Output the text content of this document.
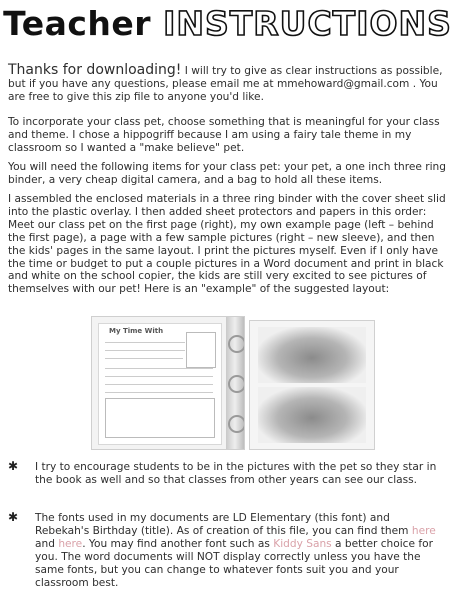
Teacher INSTRUCTIONS

Thanks for downloading! I will try to give as clear instructions as possible, but if you have any questions, please email me at mmehoward@gmail.com . You are free to give this zip file to anyone you'd like.

To incorporate your class pet, choose something that is meaningful for your class and theme. I chose a hippogriff because I am using a fairy tale theme in my classroom so I wanted a "make believe" pet.

You will need the following items for your class pet: your pet, a one inch three ring binder, a very cheap digital camera, and a bag to hold all these items.

I assembled the enclosed materials in a three ring binder with the cover sheet slid into the plastic overlay. I then added sheet protectors and papers in this order: Meet our class pet on the first page (right), my own example page (left – behind the first page), a page with a few sample pictures (right – new sleeve), and then the kids' pages in the same layout. I print the pictures myself. Even if I only have the time or budget to put a couple pictures in a Word document and print in black and white on the school copier, the kids are still very excited to see pictures of themselves with our pet! Here is an "example" of the suggested layout:

My Time With
✱ I try to encourage students to be in the pictures with the pet so they star in the book as well and so that classes from other years can see our class.

✱ The fonts used in my documents are LD Elementary (this font) and Rebekah's Birthday (title). As of creation of this file, you can find them here and here. You may find another font such as Kiddy Sans a better choice for you. The word documents will NOT display correctly unless you have the same fonts, but you can change to whatever fonts suit you and your classroom best.
